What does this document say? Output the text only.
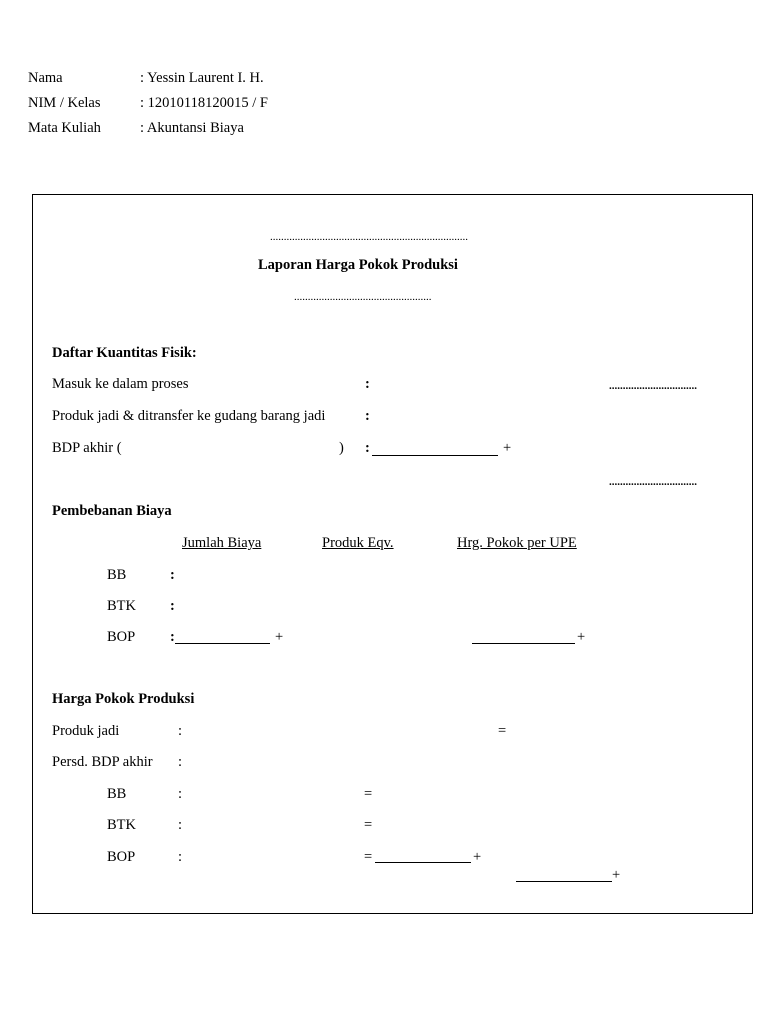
Nama	: Yessin Laurent I. H.
NIM / Kelas	: 12010118120015 / F
Mata Kuliah	: Akuntansi Biaya
........................................................................
Laporan Harga Pokok Produksi
..................................................
Daftar Kuantitas Fisik:
Masuk ke dalam proses	:	................................
Produk jadi & ditransfer ke gudang barang jadi	:
BDP akhir (	) :	+
................................
Pembebanan Biaya
Jumlah Biaya	Produk Eqv.	Hrg. Pokok per UPE
BB	:
BTK :
BOP :	+	+
Harga Pokok Produksi
Produk jadi	:	=
Persd. BDP akhir :
BB	:	=
BTK	:	=
BOP	:	=	+
+
